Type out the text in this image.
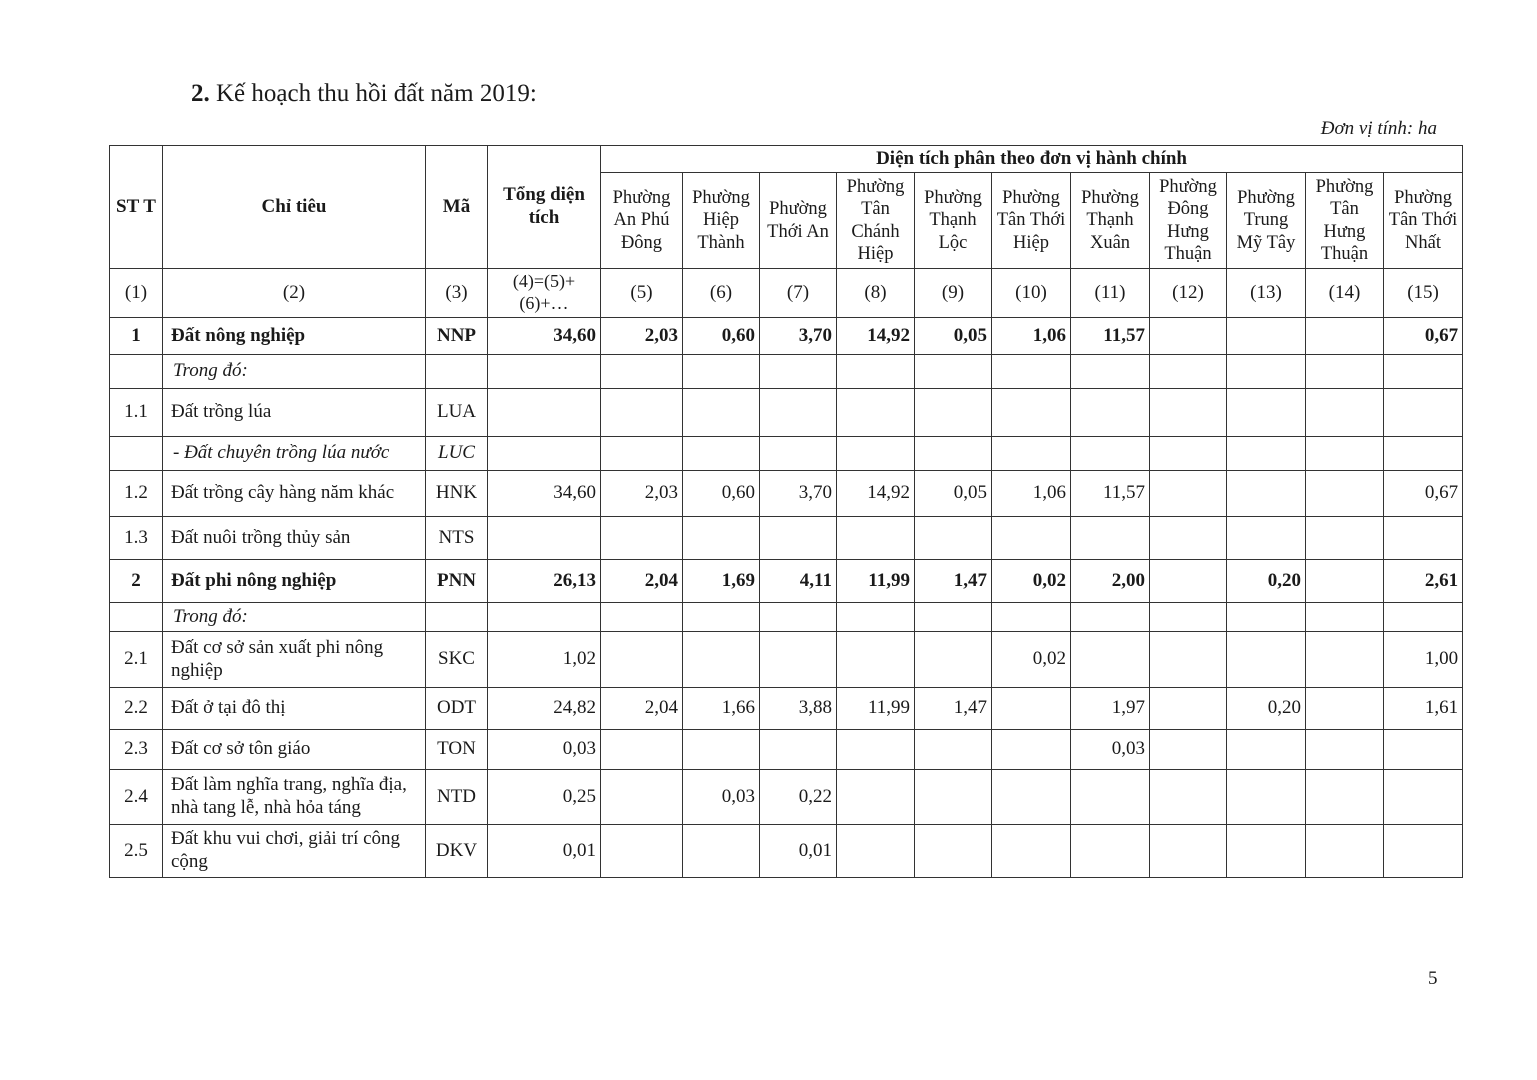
2. Kế hoạch thu hồi đất năm 2019:
Đơn vị tính: ha
ST T	Chỉ tiêu	Mã	Tổng diện tích	Diện tích phân theo đơn vị hành chính										
				Phường An Phú Đông	Phường Hiệp Thành	Phường Thới An	Phường Tân Chánh Hiệp	Phường Thạnh Lộc	Phường Tân Thới Hiệp	Phường Thạnh Xuân	Phường Đông Hưng Thuận	Phường Trung Mỹ Tây	Phường Tân Hưng Thuận	Phường Tân Thới Nhất
(1)	(2)	(3)	(4)=(5)+(6)+…	(5)	(6)	(7)	(8)	(9)	(10)	(11)	(12)	(13)	(14)	(15)
1	Đất nông nghiệp	NNP	34,60	2,03	0,60	3,70	14,92	0,05	1,06	11,57				0,67
	Trong đó:													
1.1	Đất trồng lúa	LUA												
	- Đất chuyên trồng lúa nước	LUC												
1.2	Đất trồng cây hàng năm khác	HNK	34,60	2,03	0,60	3,70	14,92	0,05	1,06	11,57				0,67
1.3	Đất nuôi trồng thủy sản	NTS												
2	Đất phi nông nghiệp	PNN	26,13	2,04	1,69	4,11	11,99	1,47	0,02	2,00		0,20		2,61
	Trong đó:													
2.1	Đất cơ sở sản xuất phi nông nghiệp	SKC	1,02						0,02					1,00
2.2	Đất ở tại đô thị	ODT	24,82	2,04	1,66	3,88	11,99	1,47		1,97		0,20		1,61
2.3	Đất cơ sở tôn giáo	TON	0,03							0,03				
2.4	Đất làm nghĩa trang, nghĩa địa, nhà tang lễ, nhà hỏa táng	NTD	0,25		0,03	0,22								
2.5	Đất khu vui chơi, giải trí công cộng	DKV	0,01			0,01								
5
